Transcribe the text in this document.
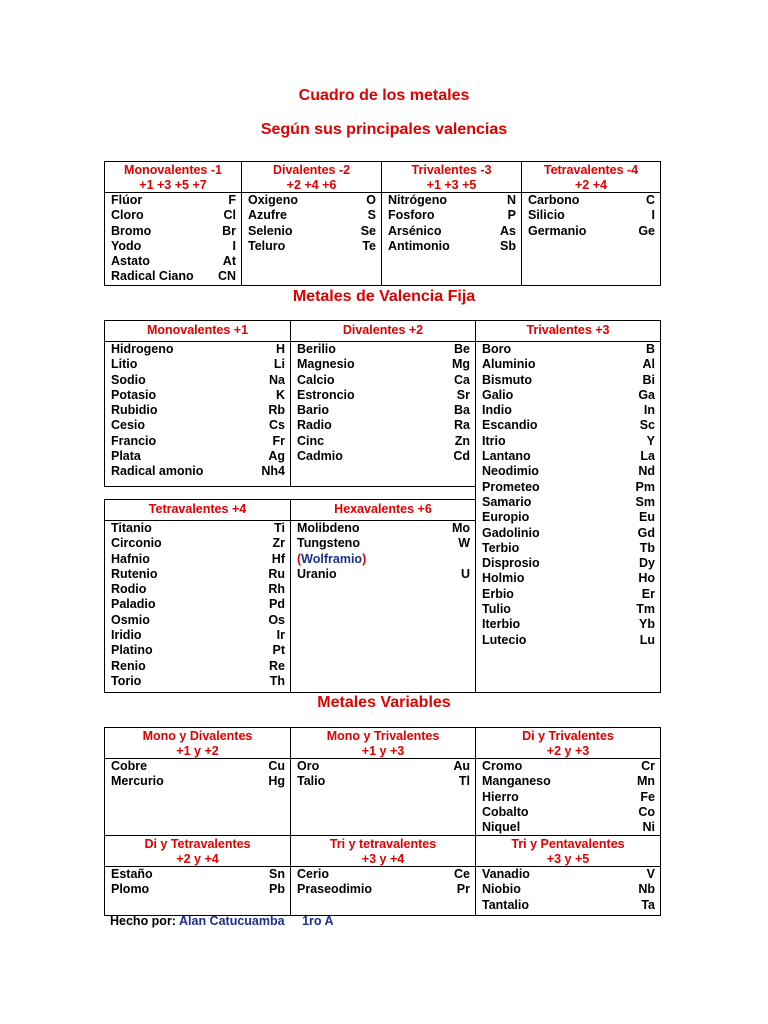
Cuadro de los metales
Según sus principales valencias
Monovalentes -1
+1 +3 +5 +7
Flúor	F
Cloro	Cl
Bromo	Br
Yodo	I
Astato	At
Radical Ciano CN
Divalentes -2
+2 +4 +6
Oxigeno	O
Azufre	S
Selenio	Se
Teluro	Te
Trivalentes -3
+1 +3 +5
Nitrógeno	N
Fosforo	P
Arsénico	As
Antimonio	Sb
Tetravalentes -4
+2 +4
Carbono	C
Silicio	I
Germanio	Ge
Metales de Valencia Fija
Monovalentes +1
Hidrogeno	H
Litio	Li
Sodio	Na
Potasio	K
Rubidio	Rb
Cesio	Cs
Francio	Fr
Plata	Ag
Radical amonio	Nh4
Divalentes +2
Berilio	Be
Magnesio	Mg
Calcio	Ca
Estroncio	Sr
Bario	Ba
Radio	Ra
Cinc	Zn
Cadmio	Cd
Trivalentes +3
Boro	B
Aluminio	Al
Bismuto	Bi
Galio	Ga
Indio	In
Escandio	Sc
Itrio	Y
Lantano	La
Neodimio	Nd
Prometeo	Pm
Samario	Sm
Europio	Eu
Gadolinio	Gd
Terbio	Tb
Disprosio	Dy
Holmio	Ho
Erbio	Er
Tulio	Tm
Iterbio	Yb
Lutecio	Lu
Tetravalentes +4
Titanio	Ti
Circonio	Zr
Hafnio	Hf
Rutenio	Ru
Rodio	Rh
Paladio	Pd
Osmio	Os
Iridio	Ir
Platino	Pt
Renio	Re
Torio	Th
Hexavalentes +6
Molibdeno	Mo
Tungsteno	W
(Wolframio)
Uranio	U
Metales Variables
Mono y Divalentes
+1 y +2
Cobre	Cu
Mercurio	Hg
Mono y Trivalentes
+1 y +3
Oro	Au
Talio	Tl
Di y Trivalentes
+2 y +3
Cromo	Cr
Manganeso	Mn
Hierro	Fe
Cobalto	Co
Niquel	Ni
Di y Tetravalentes
+2 y +4
Estaño	Sn
Plomo	Pb
Tri y tetravalentes
+3 y +4
Cerio	Ce
Praseodimio	Pr
Tri y Pentavalentes
+3 y +5
Vanadio	V
Niobio	Nb
Tantalio	Ta
Hecho por: Alan Catucuamba 1ro A
